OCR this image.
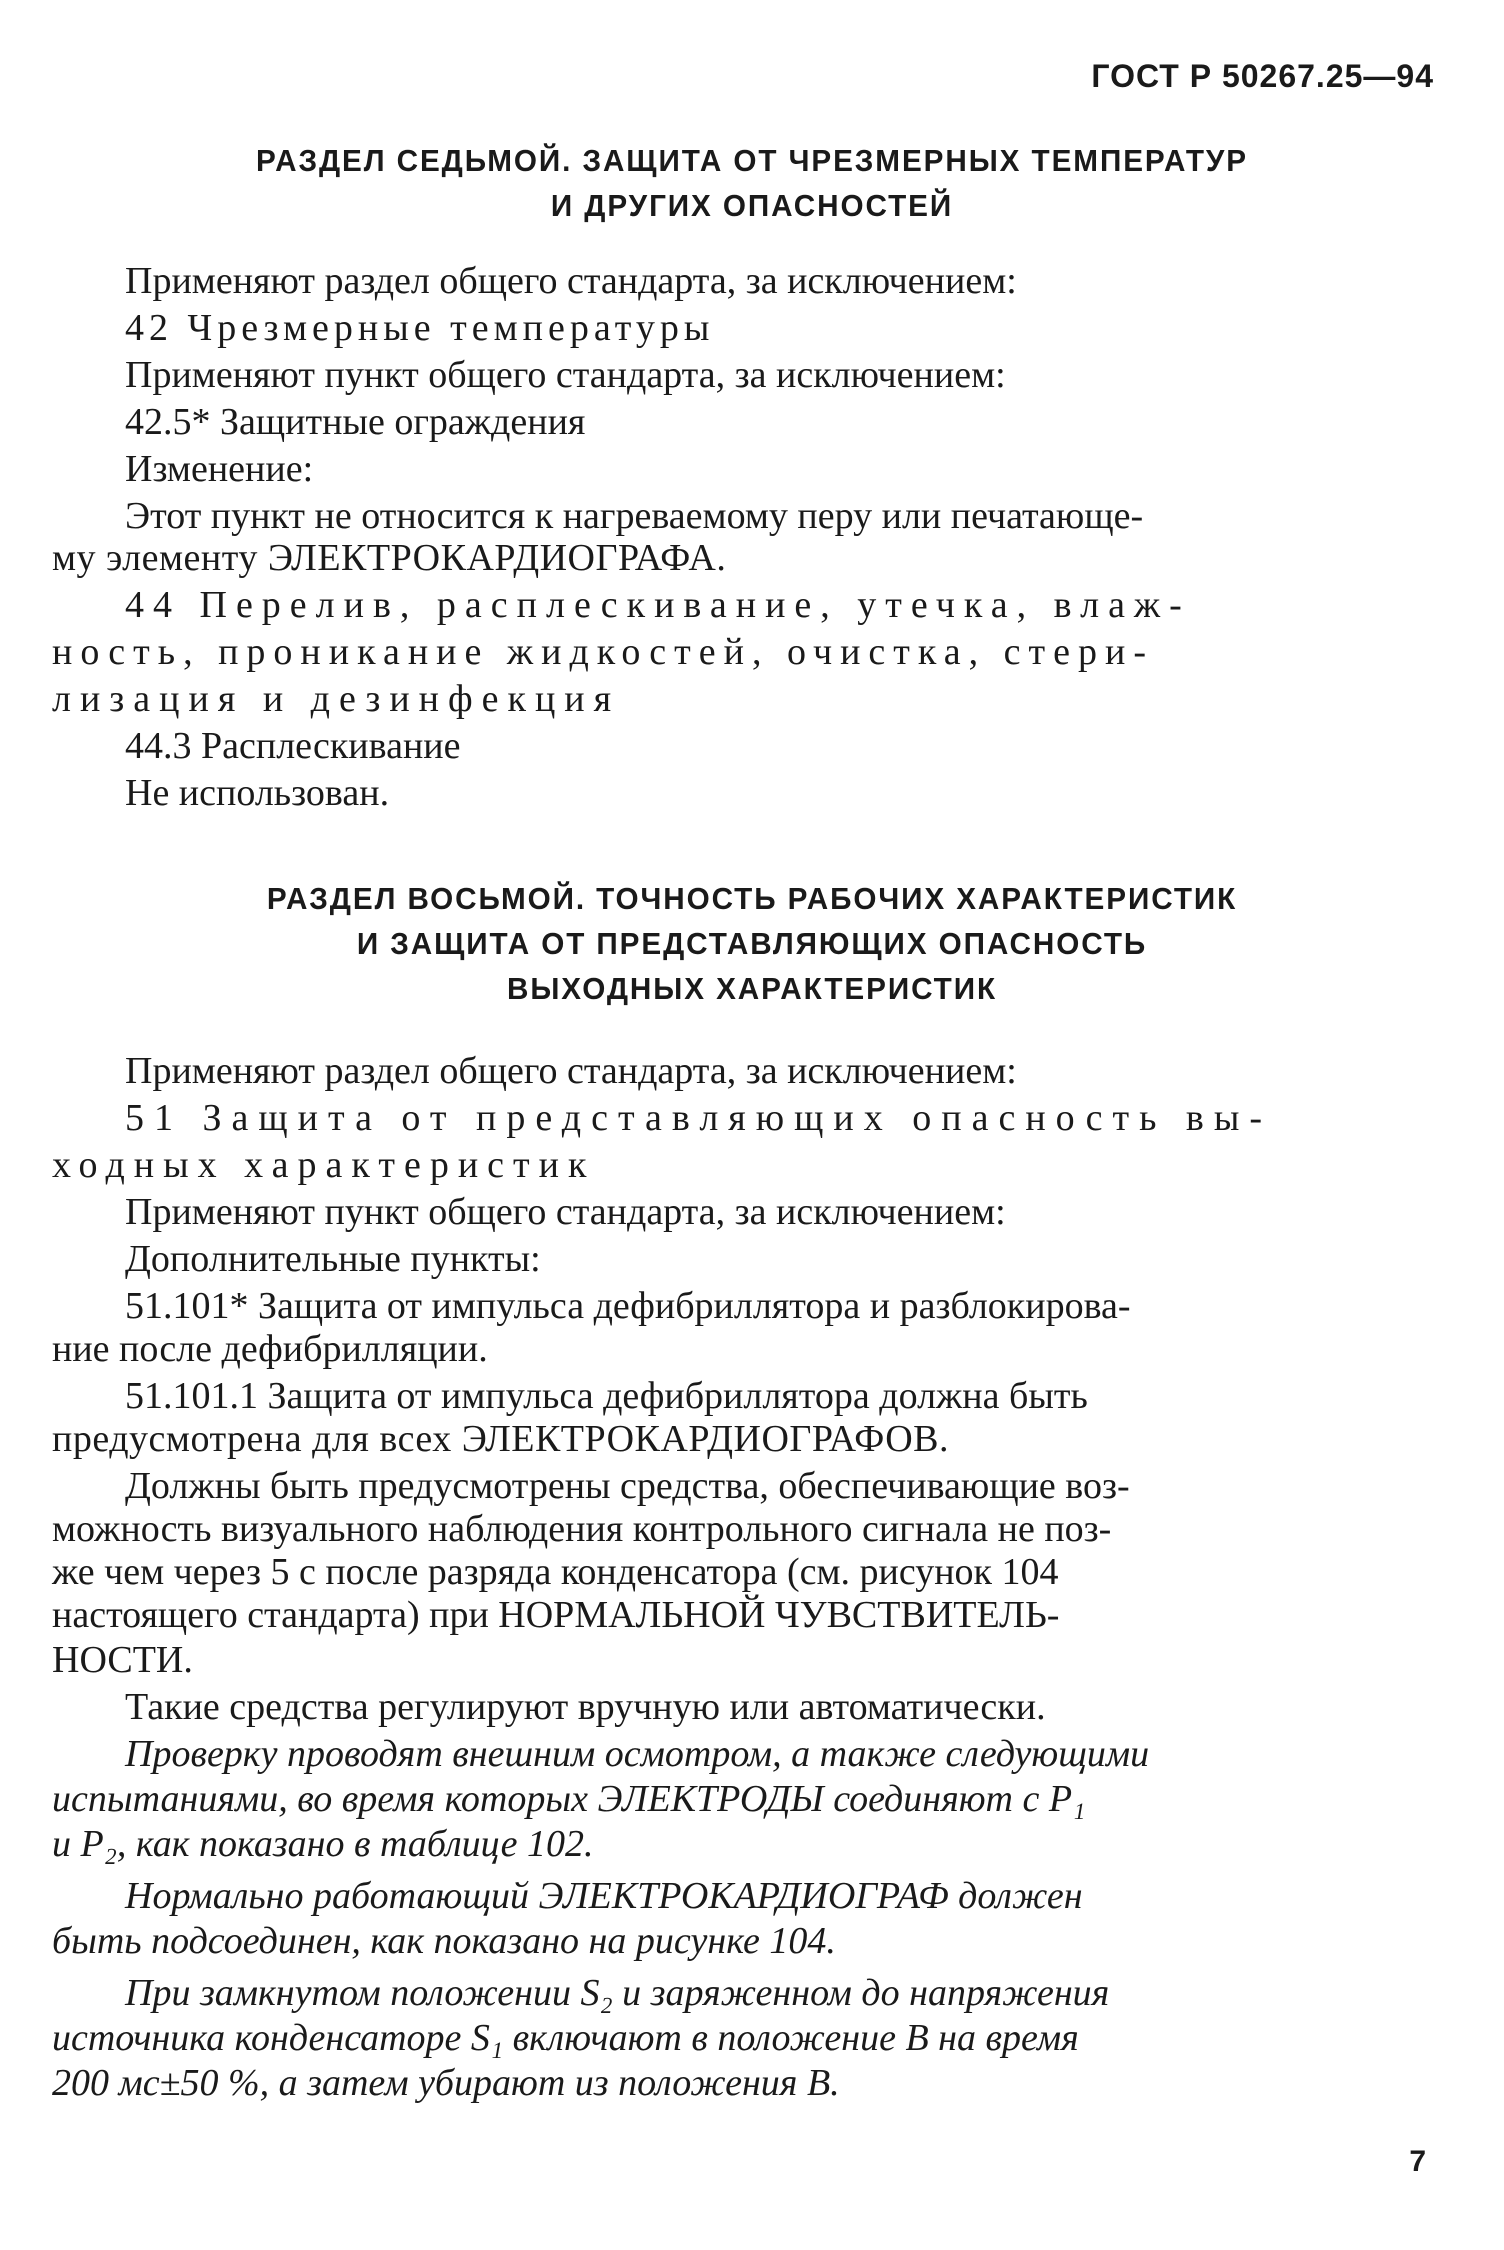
ГОСТ Р 50267.25—94
РАЗДЕЛ СЕДЬМОЙ. ЗАЩИТА ОТ ЧРЕЗМЕРНЫХ ТЕМПЕРАТУР
И ДРУГИХ ОПАСНОСТЕЙ
Применяют раздел общего стандарта, за исключением:
42 Чрезмерные температуры
Применяют пункт общего стандарта, за исключением:
42.5* Защитные ограждения
Изменение:
Этот пункт не относится к нагреваемому перу или печатающе-
му элементу ЭЛЕКТРОКАРДИОГРАФА.
44 Перелив, расплескивание, утечка, влаж-
ность, проникание жидкостей, очистка, стери-
лизация и дезинфекция
44.3 Расплескивание
Не использован.
РАЗДЕЛ ВОСЬМОЙ. ТОЧНОСТЬ РАБОЧИХ ХАРАКТЕРИСТИК
И ЗАЩИТА ОТ ПРЕДСТАВЛЯЮЩИХ ОПАСНОСТЬ
ВЫХОДНЫХ ХАРАКТЕРИСТИК
Применяют раздел общего стандарта, за исключением:
51 Защита от представляющих опасность вы-
ходных характеристик
Применяют пункт общего стандарта, за исключением:
Дополнительные пункты:
51.101* Защита от импульса дефибриллятора и разблокирова-
ние после дефибрилляции.
51.101.1 Защита от импульса дефибриллятора должна быть
предусмотрена для всех ЭЛЕКТРОКАРДИОГРАФОВ.
Должны быть предусмотрены средства, обеспечивающие воз-
можность визуального наблюдения контрольного сигнала не поз-
же чем через 5 с после разряда конденсатора (см. рисунок 104
настоящего стандарта) при НОРМАЛЬНОЙ ЧУВСТВИТЕЛЬ-
НОСТИ.
Такие средства регулируют вручную или автоматически.
Проверку проводят внешним осмотром, а также следующими
испытаниями, во время которых ЭЛЕКТРОДЫ соединяют с P₁
и P₂, как показано в таблице 102.
Нормально работающий ЭЛЕКТРОКАРДИОГРАФ должен
быть подсоединен, как показано на рисунке 104.
При замкнутом положении S₂ и заряженном до напряжения
источника конденсаторе S₁ включают в положение B на время
200 мс±50 %, а затем убирают из положения B.
7
